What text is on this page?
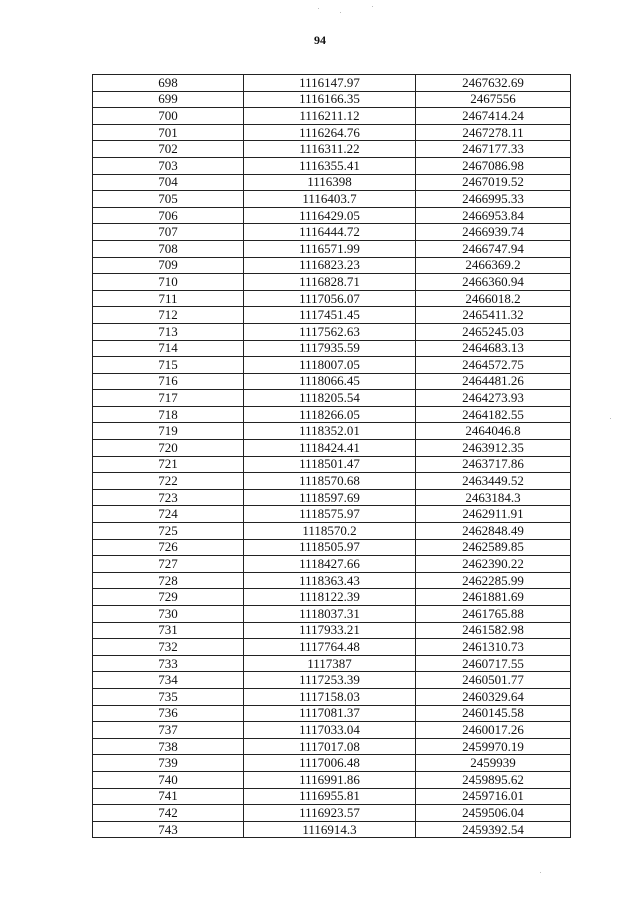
94
698	1116147.97	2467632.69
699	1116166.35	2467556
700	1116211.12	2467414.24
701	1116264.76	2467278.11
702	1116311.22	2467177.33
703	1116355.41	2467086.98
704	1116398	2467019.52
705	1116403.7	2466995.33
706	1116429.05	2466953.84
707	1116444.72	2466939.74
708	1116571.99	2466747.94
709	1116823.23	2466369.2
710	1116828.71	2466360.94
711	1117056.07	2466018.2
712	1117451.45	2465411.32
713	1117562.63	2465245.03
714	1117935.59	2464683.13
715	1118007.05	2464572.75
716	1118066.45	2464481.26
717	1118205.54	2464273.93
718	1118266.05	2464182.55
719	1118352.01	2464046.8
720	1118424.41	2463912.35
721	1118501.47	2463717.86
722	1118570.68	2463449.52
723	1118597.69	2463184.3
724	1118575.97	2462911.91
725	1118570.2	2462848.49
726	1118505.97	2462589.85
727	1118427.66	2462390.22
728	1118363.43	2462285.99
729	1118122.39	2461881.69
730	1118037.31	2461765.88
731	1117933.21	2461582.98
732	1117764.48	2461310.73
733	1117387	2460717.55
734	1117253.39	2460501.77
735	1117158.03	2460329.64
736	1117081.37	2460145.58
737	1117033.04	2460017.26
738	1117017.08	2459970.19
739	1117006.48	2459939
740	1116991.86	2459895.62
741	1116955.81	2459716.01
742	1116923.57	2459506.04
743	1116914.3	2459392.54
